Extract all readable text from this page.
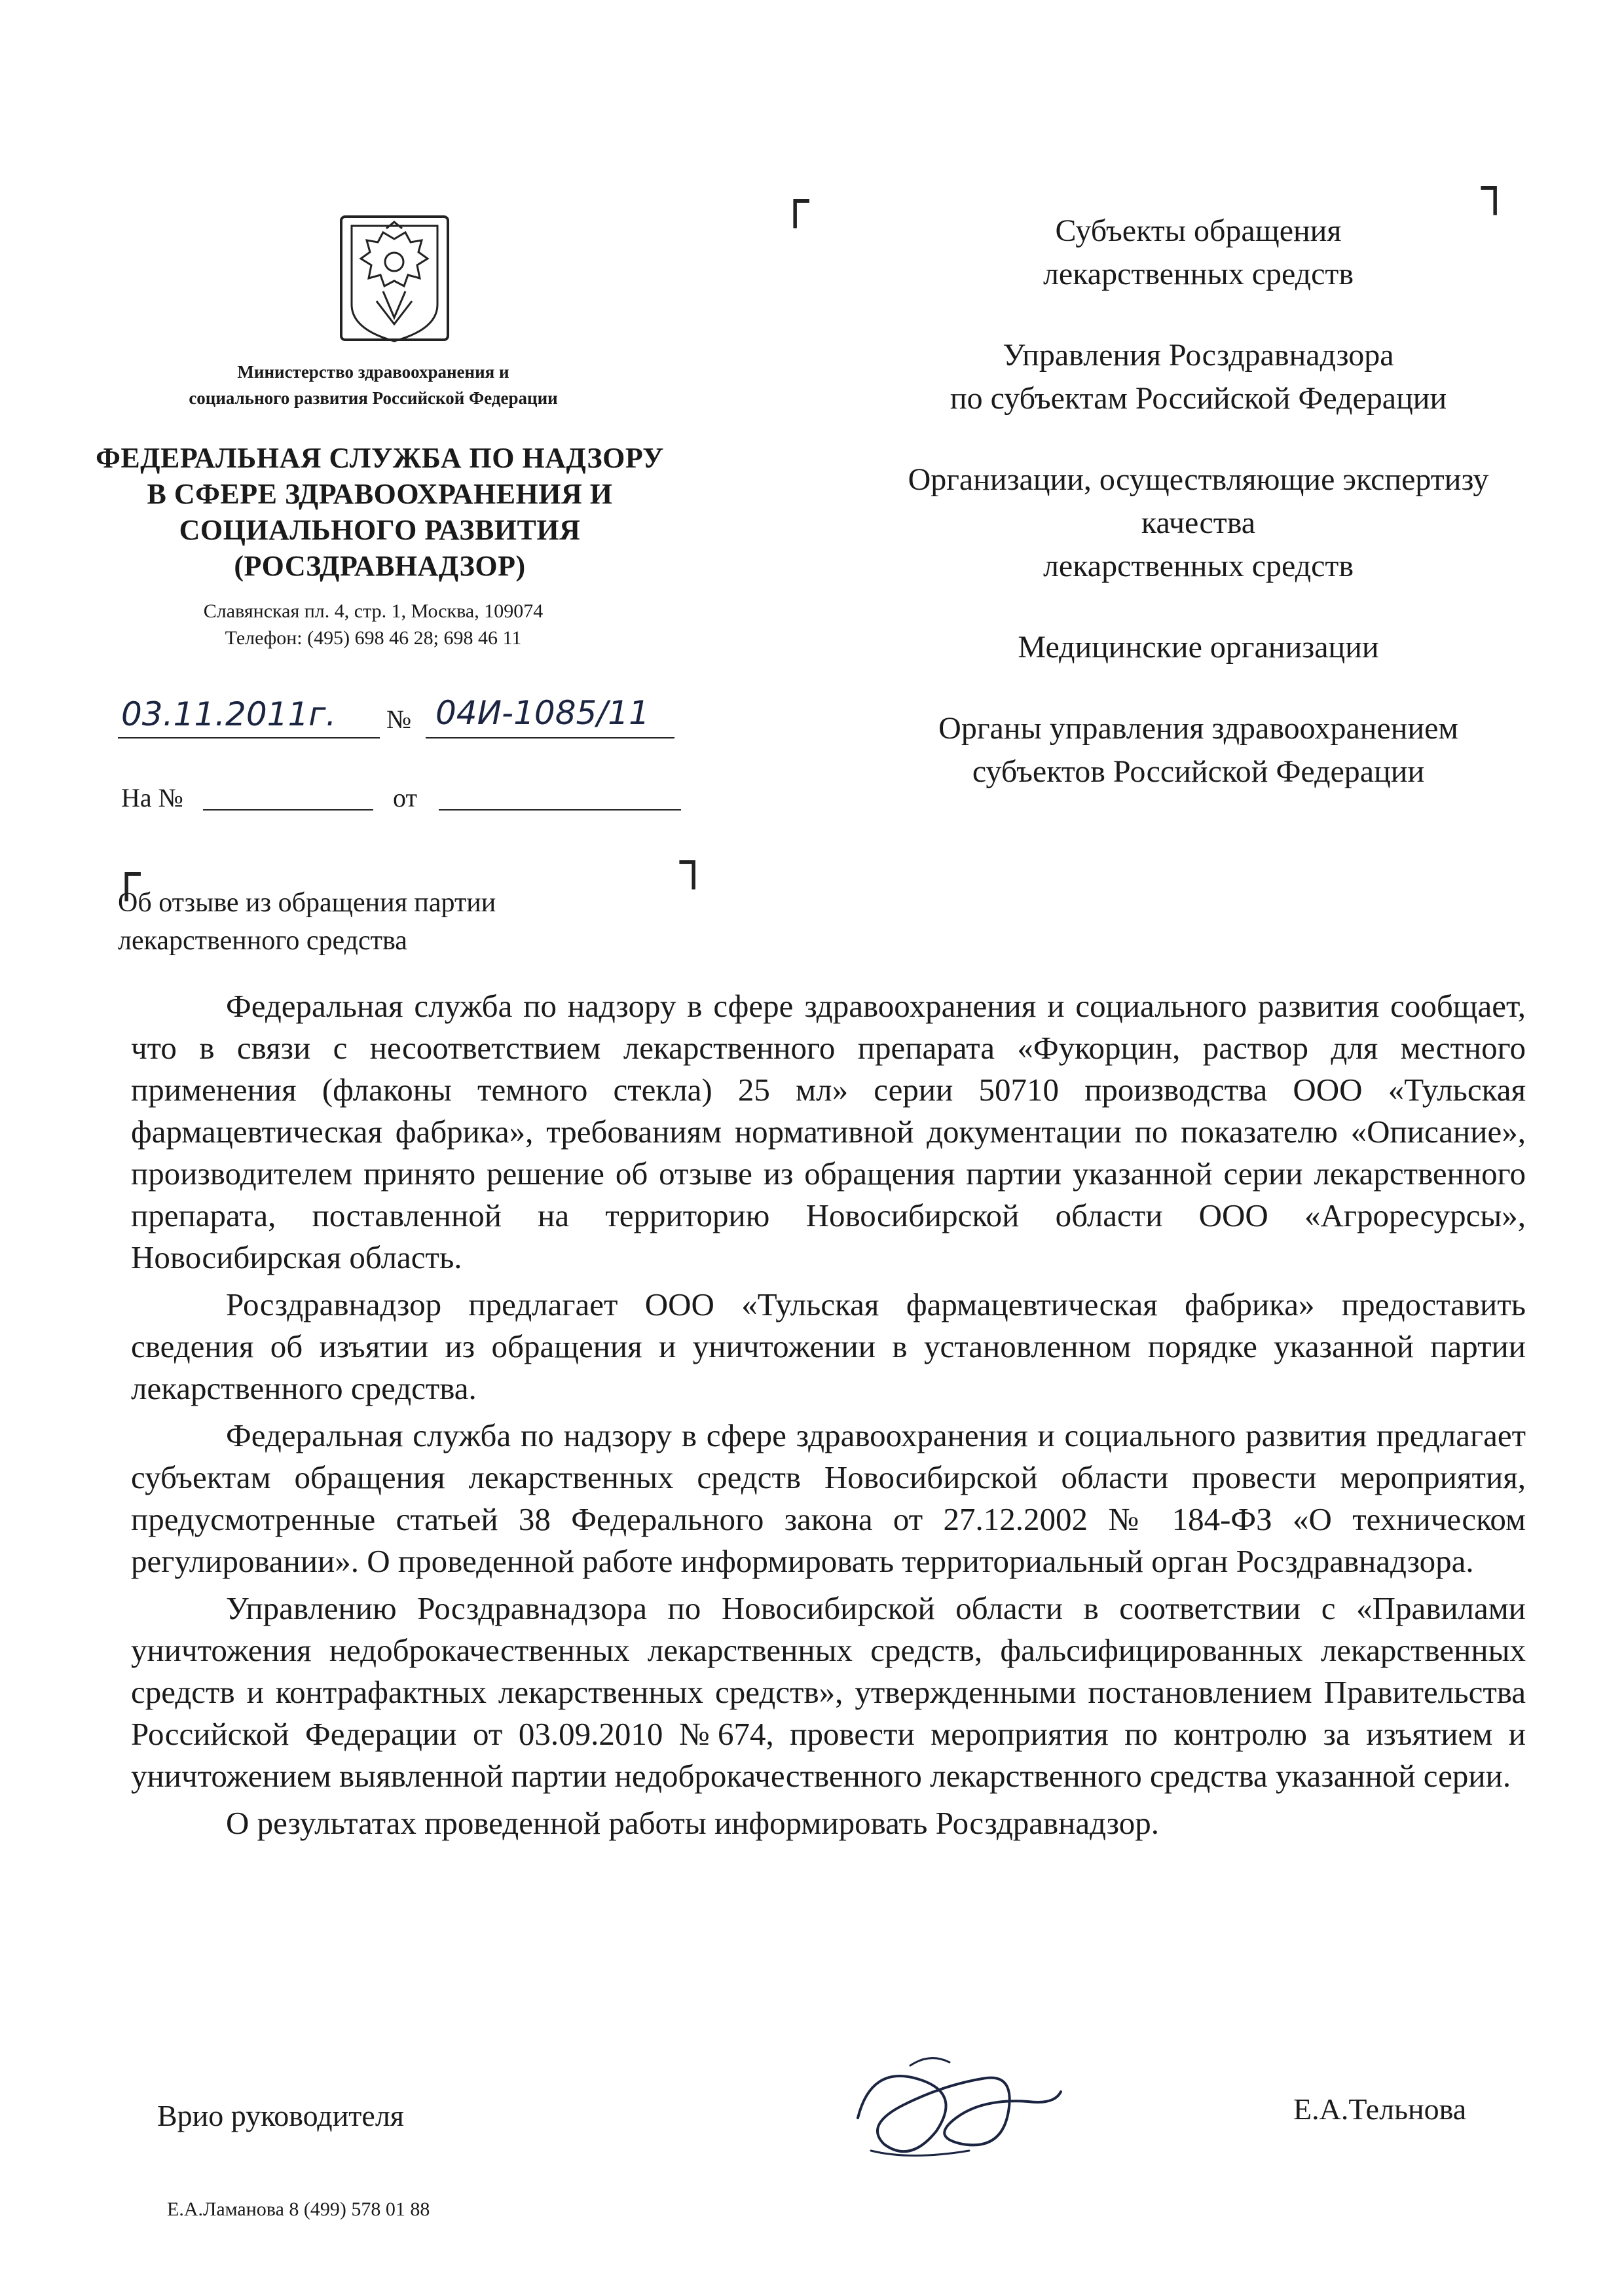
Министерство здравоохранения и
социального развития Российской Федерации
ФЕДЕРАЛЬНАЯ СЛУЖБА ПО НАДЗОРУ
В СФЕРЕ ЗДРАВООХРАНЕНИЯ И
СОЦИАЛЬНОГО РАЗВИТИЯ
(РОСЗДРАВНАДЗОР)
Славянская пл. 4, стр. 1, Москва, 109074
Телефон: (495) 698 46 28; 698 46 11
03.11.2011г. № 04И-1085/11
На №	от
┌	┐
┌	┐
Субъекты обращения
лекарственных средств
Управления Росздравнадзора
по субъектам Российской Федерации
Организации, осуществляющие экспертизу
качества
лекарственных средств
Медицинские организации
Органы управления здравоохранением
субъектов Российской Федерации
Об отзыве из обращения партии
лекарственного средства

Федеральная служба по надзору в сфере здравоохранения и социального развития сообщает, что в связи с несоответствием лекарственного препарата «Фукорцин, раствор для местного применения (флаконы темного стекла) 25 мл» серии 50710 производства ООО «Тульская фармацевтическая фабрика», требованиям нормативной документации по показателю «Описание», производителем принято решение об отзыве из обращения партии указанной серии лекарственного препарата, поставленной на территорию Новосибирской области ООО «Агроресурсы», Новосибирская область.

Росздравнадзор предлагает ООО «Тульская фармацевтическая фабрика» предоставить сведения об изъятии из обращения и уничтожении в установленном порядке указанной партии лекарственного средства.

Федеральная служба по надзору в сфере здравоохранения и социального развития предлагает субъектам обращения лекарственных средств Новосибирской области провести мероприятия, предусмотренные статьей 38 Федерального закона от 27.12.2002 № 184-ФЗ «О техническом регулировании». О проведенной работе информировать территориальный орган Росздравнадзора.

Управлению Росздравнадзора по Новосибирской области в соответствии с «Правилами уничтожения недоброкачественных лекарственных средств, фальсифицированных лекарственных средств и контрафактных лекарственных средств», утвержденными постановлением Правительства Российской Федерации от 03.09.2010 №674, провести мероприятия по контролю за изъятием и уничтожением выявленной партии недоброкачественного лекарственного средства указанной серии.

О результатах проведенной работы информировать Росздравнадзор.

Врио руководителя	Е.А.Тельнова
Е.А.Ламанова 8 (499) 578 01 88
